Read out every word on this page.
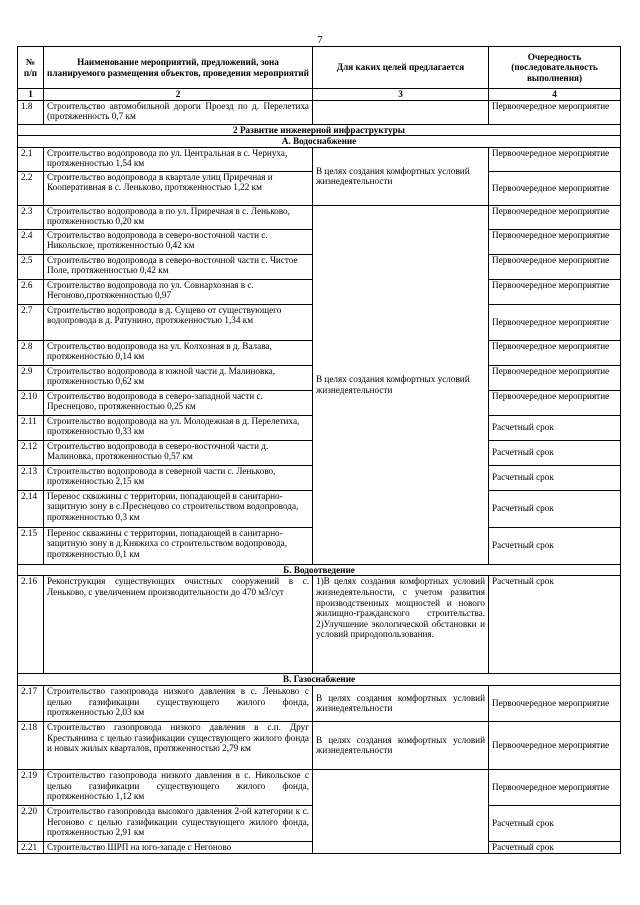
7
№ п/п	Наименование мероприятий, предложений, зона планируемого размещения объектов, проведения мероприятий	Для каких целей предлагается	Очередность (последовательность выполнения)
1	2	3	4
1.8	Строительство автомобильной дороги Проезд по д. Перелетиха (протяженность 0,7 км		Первоочередное мероприятие
2 Развитие инженерной инфраструктуры			
А. Водоснабжение			
2.1	Строительство водопровода по ул. Центральная в с. Чернуха, протяженностью 1,54 км	В целях создания комфортных условий жизнедеятельности	Первоочередное мероприятие
2.2	Строительство водопровода в квартале улиц Приречная и Кооперативная в с. Леньково, протяженностью 1,22 км		Первоочередное мероприятие
2.3	Строительство водопровода в по ул. Приречная в с. Леньково, протяженностью 0,20 км	В целях создания комфортных условий жизнедеятельности	Первоочередное мероприятие
2.4	Строительство водопровода в северо-восточной части с. Никольское, протяженностью 0,42 км		Первоочередное мероприятие
2.5	Строительство водопровода в северо-восточной части с. Чистое Поле, протяженностью 0,42 км		Первоочередное мероприятие
2.6	Строительство водопровода по ул. Совнархозная в с. Негоново,протяженностью 0,97		Первоочередное мероприятие
2.7	Строительство водопровода в д. Сущево от существующего водопровода в д. Ратунино, протяженностью 1,34 км		Первоочередное мероприятие
2.8	Строительство водопровода на ул. Колхозная в д. Валава, протяженностью 0,14 км		Первоочередное мероприятие
2.9	Строительство водопровода в южной части д. Малиновка, протяженностью 0,62 км		Первоочередное мероприятие
2.10	Строительство водопровода в северо-западной части с. Преснецово, протяженностью 0,25 км		Первоочередное мероприятие
2.11	Строительство водопровода на ул. Молодежная в д. Перелетиха, протяженностью 0,33 км		Расчетный срок
2.12	Строительство водопровода в северо-восточной части д. Малиновка, протяженностью 0,57 км		Расчетный срок
2.13	Строительство водопровода в северной части с. Леньково, протяженностью 2,15 км		Расчетный срок
2.14	Перенос скважины с территории, попадающей в санитарно-защитную зону в с.Преснецово со строительством водопровода, протяженностью 0,3 км		Расчетный срок
2.15	Перенос скважины с территории, попадающей в санитарно-защитную зону в д.Княжиха со строительством водопровода, протяженностью 0,1 км		Расчетный срок
Б. Водоотведение			
2.16	Реконструкция существующих очистных сооружений в с. Леньково, с увеличением производительности до 470 м3/сут	1)В целях создания комфортных условий жизнедеятельности, с учетом развития производственных мощностей и нового жилищно-гражданского строительства. 2)Улучшение экологической обстановки и условий природопользования.	Расчетный срок
В. Газоснабжение			
2.17	Строительство газопровода низкого давления в с. Леньково с целью газификации существующего жилого фонда, протяженностью 2,03 км	В целях создания комфортных условий жизнедеятельности	Первоочередное мероприятие
2.18	Строительство газопровода низкого давления в с.п. Друг Крестьянина с целью газификации существующего жилого фонда и новых жилых кварталов, протяженностью 2,79 км	В целях создания комфортных условий жизнедеятельности	Первоочередное мероприятие
2.19	Строительство газопровода низкого давления в с. Никольское с целью газификации существующего жилого фонда, протяженностью 1,12 км		Первоочередное мероприятие
2.20	Строительство газопровода высокого давления 2-ой категории к с. Негоново с целью газификации существующего жилого фонда, протяженностью 2,91 км		Расчетный срок
2.21	Строительство ШРП на юго-западе с Негоново		Расчетный срок
